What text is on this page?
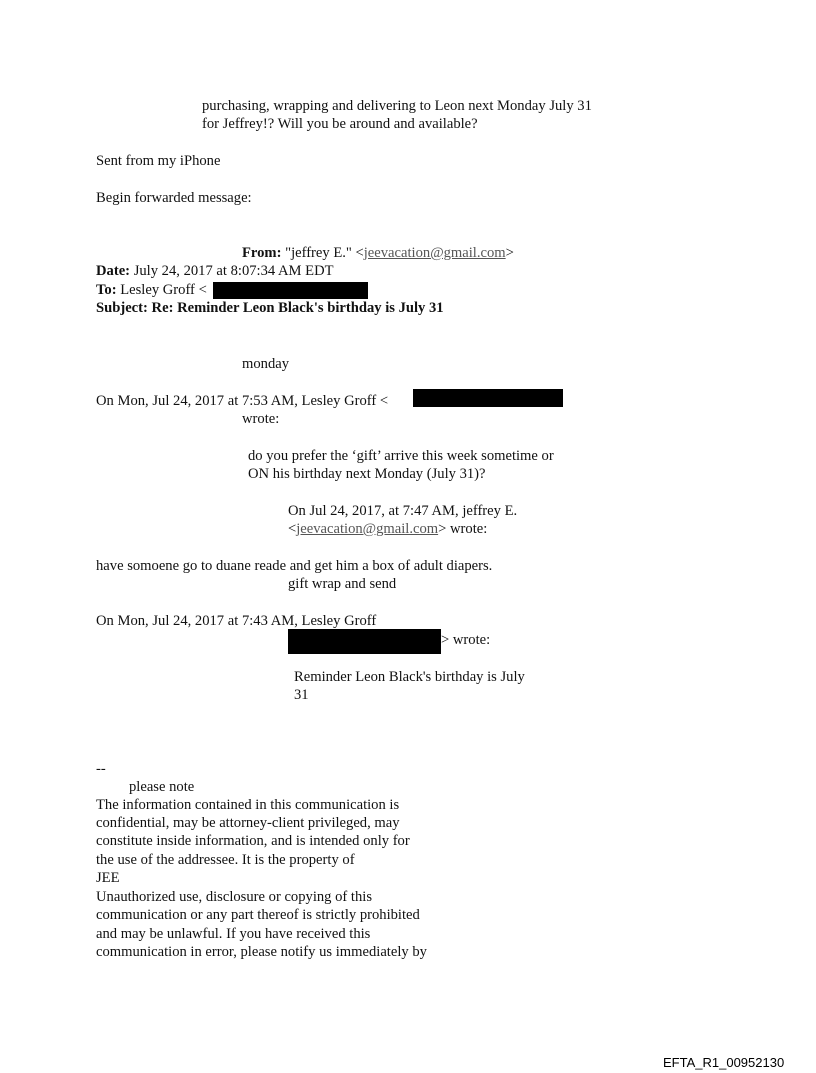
purchasing, wrapping and delivering to Leon next Monday July 31

for Jeffrey!? Will you be around and available?

Sent from my iPhone

Begin forwarded message:

From: "jeffrey E." <jeevacation@gmail.com>

Date: July 24, 2017 at 8:07:34 AM EDT

To: Lesley Groff <

Subject: Re: Reminder Leon Black's birthday is July 31

monday

On Mon, Jul 24, 2017 at 7:53 AM, Lesley Groff <

wrote:

do you prefer the ‘gift’ arrive this week sometime or

ON his birthday next Monday (July 31)?

On Jul 24, 2017, at 7:47 AM, jeffrey E.

<jeevacation@gmail.com> wrote:

have somoene go to duane reade and get him a box of adult diapers.

gift wrap and send

On Mon, Jul 24, 2017 at 7:43 AM, Lesley Groff

> wrote:

Reminder Leon Black's birthday is July

31

--

please note

The information contained in this communication is

confidential, may be attorney-client privileged, may

constitute inside information, and is intended only for

the use of the addressee. It is the property of

JEE

Unauthorized use, disclosure or copying of this

communication or any part thereof is strictly prohibited

and may be unlawful. If you have received this

communication in error, please notify us immediately by

EFTA_R1_00952130
